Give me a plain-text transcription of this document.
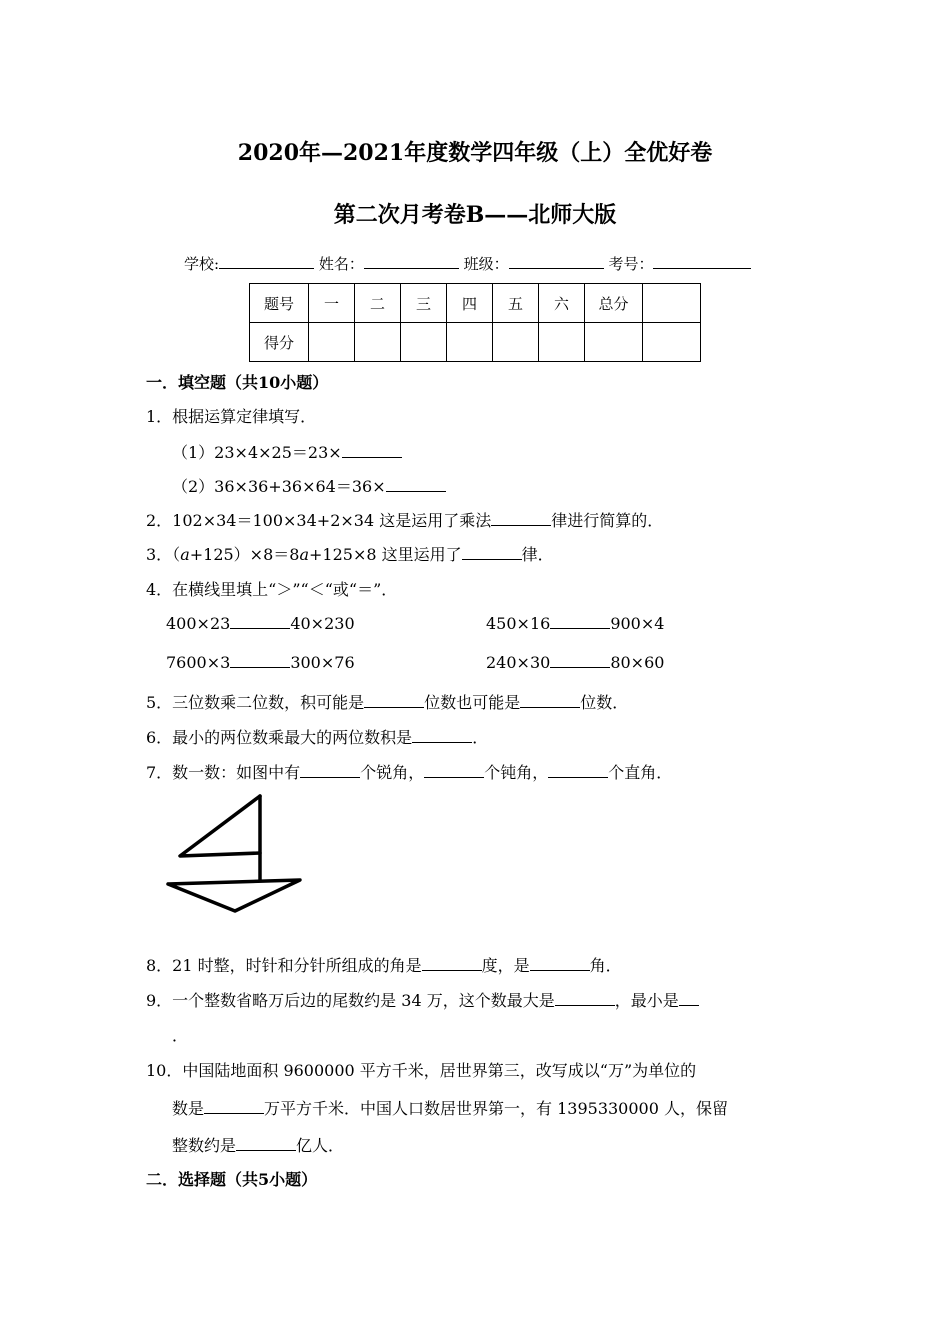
2020年—2021年度数学四年级（上）全优好卷
第二次月考卷B——北师大版
学校:	姓名：	班级：	考号：
题号	一	二	三	四	五	六	总分	
得分								
一．填空题（共10小题）
1．根据运算定律填写．
（1）23×4×25＝23×
（2）36×36+36×64＝36×
2．102×34＝100×34+2×34 这是运用了乘法	律进行简算的．
3．（a+125）×8＝8a+125×8 这里运用了	律．
4．在横线里填上“＞”“＜“或“＝”．
400×23	40×230	450×16	900×4
7600×3	300×76	240×30	80×60
5．三位数乘二位数，积可能是	位数也可能是	位数．
6．最小的两位数乘最大的两位数积是	．
7．数一数：如图中有	个锐角，	个钝角，	个直角．
8．21 时整，时针和分针所组成的角是	度，是	角．
9．一个整数省略万后边的尾数约是 34 万，这个数最大是	，最小是
．
10．中国陆地面积 9600000 平方千米，居世界第三，改写成以“万”为单位的
数是	万平方千米．中国人口数居世界第一，有 1395330000 人，保留
整数约是	亿人．
二．选择题（共5小题）
